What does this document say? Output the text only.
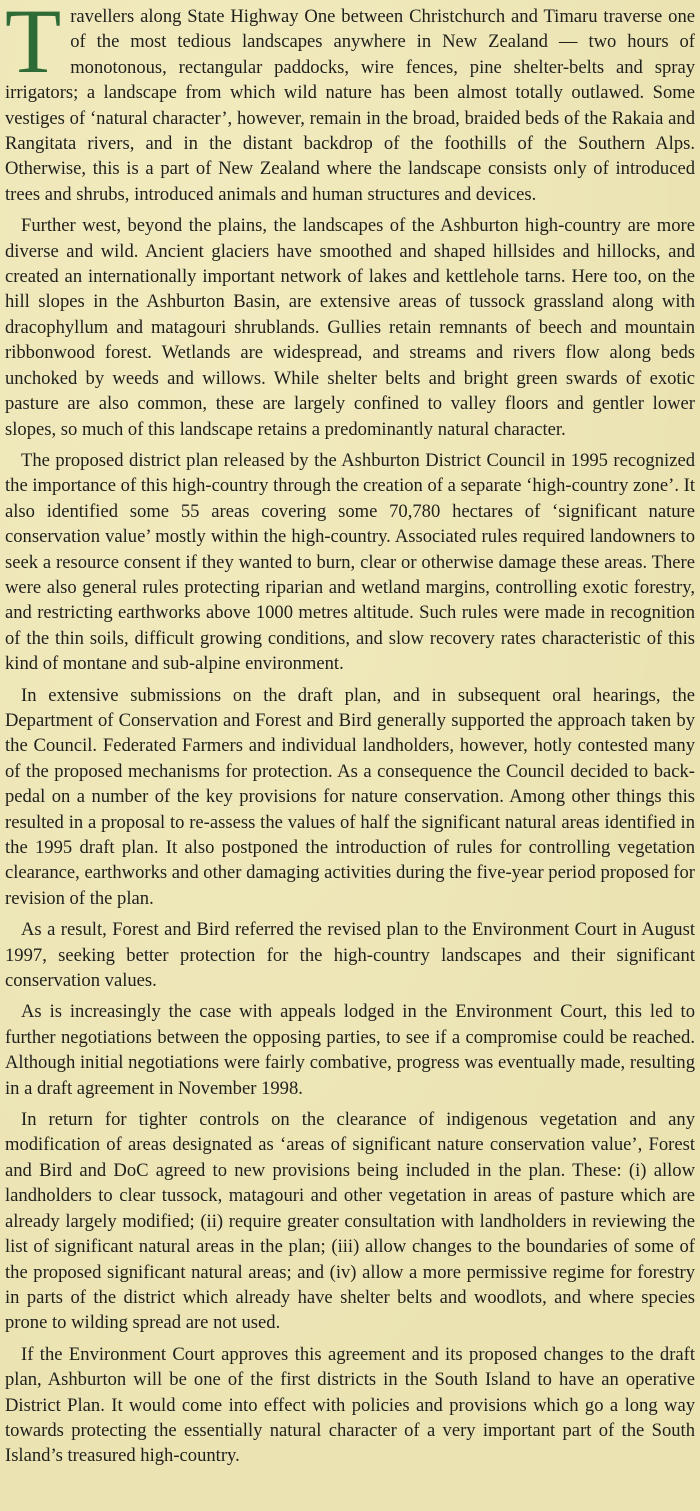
Travellers along State Highway One between Christchurch and Timaru traverse one of the most tedious landscapes anywhere in New Zealand — two hours of monotonous, rectangular paddocks, wire fences, pine shelter-belts and spray irrigators; a landscape from which wild nature has been almost totally outlawed. Some vestiges of ‘natural character’, however, remain in the broad, braided beds of the Rakaia and Rangitata rivers, and in the distant backdrop of the foothills of the Southern Alps. Otherwise, this is a part of New Zealand where the landscape consists only of introduced trees and shrubs, introduced animals and human structures and devices.

Further west, beyond the plains, the landscapes of the Ashburton high-country are more diverse and wild. Ancient glaciers have smoothed and shaped hillsides and hillocks, and created an internationally important network of lakes and kettlehole tarns. Here too, on the hill slopes in the Ashburton Basin, are extensive areas of tussock grassland along with dracophyllum and matagouri shrublands. Gullies retain remnants of beech and mountain ribbonwood forest. Wetlands are widespread, and streams and rivers flow along beds unchoked by weeds and willows. While shelter belts and bright green swards of exotic pasture are also common, these are largely confined to valley floors and gentler lower slopes, so much of this landscape retains a predominantly natural character.

The proposed district plan released by the Ashburton District Council in 1995 recognized the importance of this high-country through the creation of a separate ‘high-country zone’. It also identified some 55 areas covering some 70,780 hectares of ‘significant nature conservation value’ mostly within the high-country. Associated rules required landowners to seek a resource consent if they wanted to burn, clear or otherwise damage these areas. There were also general rules protecting riparian and wetland margins, controlling exotic forestry, and restricting earthworks above 1000 metres altitude. Such rules were made in recognition of the thin soils, difficult growing conditions, and slow recovery rates characteristic of this kind of montane and sub-alpine environment.

In extensive submissions on the draft plan, and in subsequent oral hearings, the Department of Conservation and Forest and Bird generally supported the approach taken by the Council. Federated Farmers and individual landholders, however, hotly contested many of the proposed mechanisms for protection. As a consequence the Council decided to back-pedal on a number of the key provisions for nature conservation. Among other things this resulted in a proposal to re-assess the values of half the significant natural areas identified in the 1995 draft plan. It also postponed the introduction of rules for controlling vegetation clearance, earthworks and other damaging activities during the five-year period proposed for revision of the plan.

As a result, Forest and Bird referred the revised plan to the Environment Court in August 1997, seeking better protection for the high-country landscapes and their significant conservation values.

As is increasingly the case with appeals lodged in the Environment Court, this led to further negotiations between the opposing parties, to see if a compromise could be reached. Although initial negotiations were fairly combative, progress was eventually made, resulting in a draft agreement in November 1998.

In return for tighter controls on the clearance of indigenous vegetation and any modification of areas designated as ‘areas of significant nature conservation value’, Forest and Bird and DoC agreed to new provisions being included in the plan. These: (i) allow landholders to clear tussock, matagouri and other vegetation in areas of pasture which are already largely modified; (ii) require greater consultation with landholders in reviewing the list of significant natural areas in the plan; (iii) allow changes to the boundaries of some of the proposed significant natural areas; and (iv) allow a more permissive regime for forestry in parts of the district which already have shelter belts and woodlots, and where species prone to wilding spread are not used.

If the Environment Court approves this agreement and its proposed changes to the draft plan, Ashburton will be one of the first districts in the South Island to have an operative District Plan. It would come into effect with policies and provisions which go a long way towards protecting the essentially natural character of a very important part of the South Island’s treasured high-country.
